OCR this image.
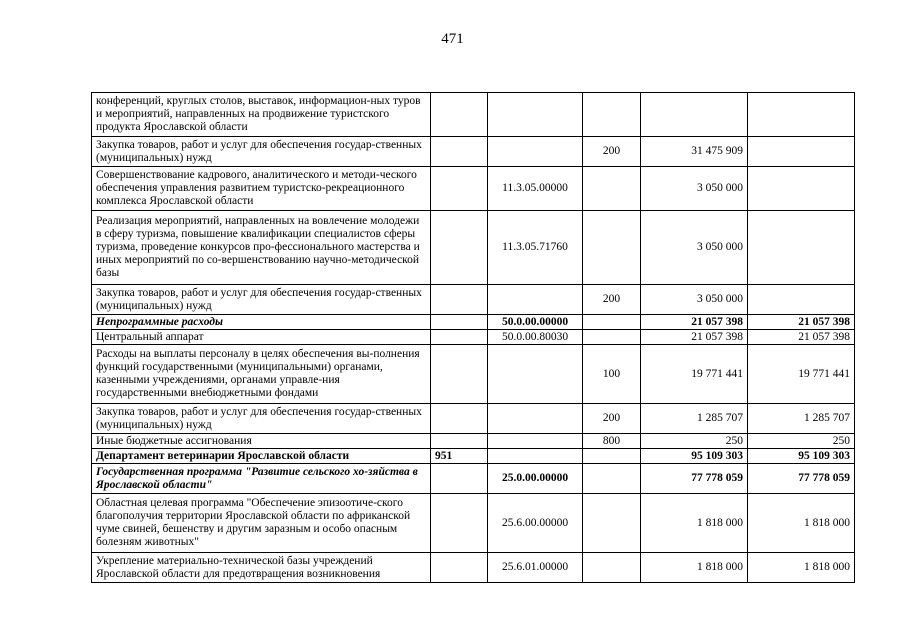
471
конференций, круглых столов, выставок, информацион-ных туров и мероприятий, направленных на продвижение туристского продукта Ярославской области					
Закупка товаров, работ и услуг для обеспечения государ-ственных (муниципальных) нужд			200	31 475 909	
Совершенствование кадрового, аналитического и методи-ческого обеспечения управления развитием туристско-рекреационного комплекса Ярославской области		11.3.05.00000		3 050 000	
Реализация мероприятий, направленных на вовлечение молодежи в сферу туризма, повышение квалификации специалистов сферы туризма, проведение конкурсов про-фессионального мастерства и иных мероприятий по со-вершенствованию научно-методической базы		11.3.05.71760		3 050 000	
Закупка товаров, работ и услуг для обеспечения государ-ственных (муниципальных) нужд			200	3 050 000	
Непрограммные расходы		50.0.00.00000		21 057 398	21 057 398
Центральный аппарат		50.0.00.80030		21 057 398	21 057 398
Расходы на выплаты персоналу в целях обеспечения вы-полнения функций государственными (муниципальными) органами, казенными учреждениями, органами управле-ния государственными внебюджетными фондами			100	19 771 441	19 771 441
Закупка товаров, работ и услуг для обеспечения государ-ственных (муниципальных) нужд			200	1 285 707	1 285 707
Иные бюджетные ассигнования			800	250	250
Департамент ветеринарии Ярославской области	951			95 109 303	95 109 303
Государственная программа "Развитие сельского хо-зяйства в Ярославской области"		25.0.00.00000		77 778 059	77 778 059
Областная целевая программа "Обеспечение эпизоотиче-ского благополучия территории Ярославской области по африканской чуме свиней, бешенству и другим заразным и особо опасным болезням животных"		25.6.00.00000		1 818 000	1 818 000
Укрепление материально-технической базы учреждений Ярославской области для предотвращения возникновения		25.6.01.00000		1 818 000	1 818 000
